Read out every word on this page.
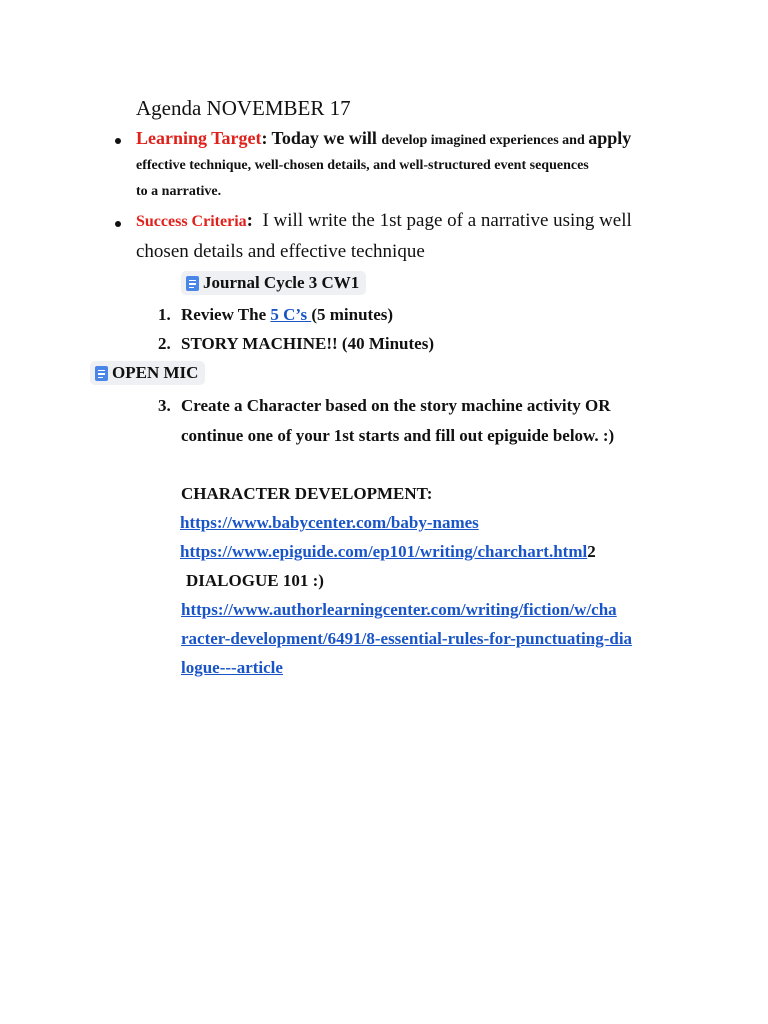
Agenda NOVEMBER 17
Learning Target: Today we will develop imagined experiences and apply
effective technique, well-chosen details, and well-structured event sequences
to a narrative.
Success Criteria: I will write the 1st page of a narrative using well
chosen details and effective technique
Journal Cycle 3 CW1
1. Review The 5 C’s (5 minutes)
2. STORY MACHINE!! (40 Minutes)
OPEN MIC
3. Create a Character based on the story machine activity OR
continue one of your 1st starts and fill out epiguide below. :)
CHARACTER DEVELOPMENT:
https://www.babycenter.com/baby-names
https://www.epiguide.com/ep101/writing/charchart.html2
DIALOGUE 101 :)
https://www.authorlearningcenter.com/writing/fiction/w/cha
racter-development/6491/8-essential-rules-for-punctuating-dia
logue---article
